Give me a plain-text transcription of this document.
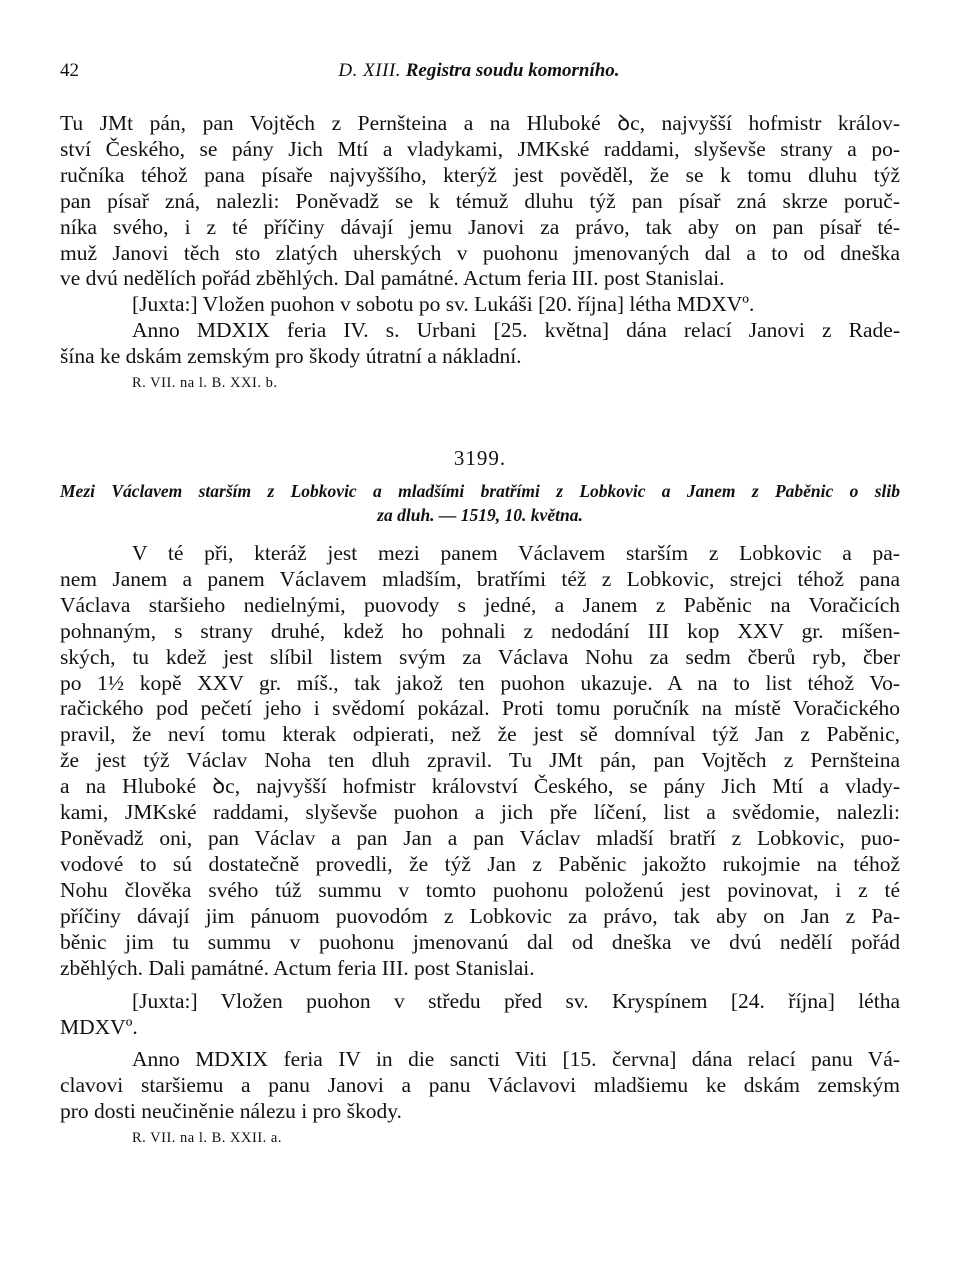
42	D. XIII. Registra soudu komorního.
Tu JMt pán, pan Vojtěch z Pernšteina a na Hluboké ꝺc, najvyšší hofmistr králov-
ství Českého, se pány Jich Mtí a vladykami, JMKské raddami, slyševše strany a po-
ručníka téhož pana písaře najvyššího, kterýž jest pověděl, že se k tomu dluhu týž
pan písař zná, nalezli: Poněvadž se k témuž dluhu týž pan písař zná skrze poruč-
níka svého, i z té příčiny dávají jemu Janovi za právo, tak aby on pan písař té-
muž Janovi těch sto zlatých uherských v puohonu jmenovaných dal a to od dneška
ve dvú nedělích pořád zběhlých. Dal památné. Actum feria III. post Stanislai.
[Juxta:] Vložen puohon v sobotu po sv. Lukáši [20. října] létha MDXVº.
Anno MDXIX feria IV. s. Urbani [25. května] dána relací Janovi z Rade-
šína ke dskám zemským pro škody útratní a nákladní.
R. VII. na l. B. XXI. b.
3199.
Mezi Václavem starším z Lobkovic a mladšími bratřími z Lobkovic a Janem z Paběnic o slib
za dluh. — 1519, 10. května.
V té při, kteráž jest mezi panem Václavem starším z Lobkovic a pa-
nem Janem a panem Václavem mladším, bratřími též z Lobkovic, strejci téhož pana
Václava staršieho nedielnými, puovody s jedné, a Janem z Paběnic na Voračicích
pohnaným, s strany druhé, kdež ho pohnali z nedodání III kop XXV gr. míšen-
ských, tu kdež jest slíbil listem svým za Václava Nohu za sedm čberů ryb, čber
po 1½ kopě XXV gr. míš., tak jakož ten puohon ukazuje. A na to list téhož Vo-
račického pod pečetí jeho i svědomí pokázal. Proti tomu poručník na místě Voračického
pravil, že neví tomu kterak odpierati, než že jest sě domníval týž Jan z Paběnic,
že jest týž Václav Noha ten dluh zpravil. Tu JMt pán, pan Vojtěch z Pernšteina
a na Hluboké ꝺc, najvyšší hofmistr království Českého, se pány Jich Mtí a vlady-
kami, JMKské raddami, slyševše puohon a jich pře líčení, list a svědomie, nalezli:
Poněvadž oni, pan Václav a pan Jan a pan Václav mladší bratří z Lobkovic, puo-
vodové to sú dostatečně provedli, že týž Jan z Paběnic jakožto rukojmie na téhož
Nohu člověka svého túž summu v tomto puohonu položenú jest povinovat, i z té
příčiny dávají jim pánuom puovodóm z Lobkovic za právo, tak aby on Jan z Pa-
běnic jim tu summu v puohonu jmenovanú dal od dneška ve dvú nedělí pořád
zběhlých. Dali památné. Actum feria III. post Stanislai.
[Juxta:] Vložen puohon v středu před sv. Kryspínem [24. října] létha
MDXVº.
Anno MDXIX feria IV in die sancti Viti [15. června] dána relací panu Vá-
clavovi staršiemu a panu Janovi a panu Václavovi mladšiemu ke dskám zemským
pro dosti neučiněnie nálezu i pro škody.
R. VII. na l. B. XXII. a.
